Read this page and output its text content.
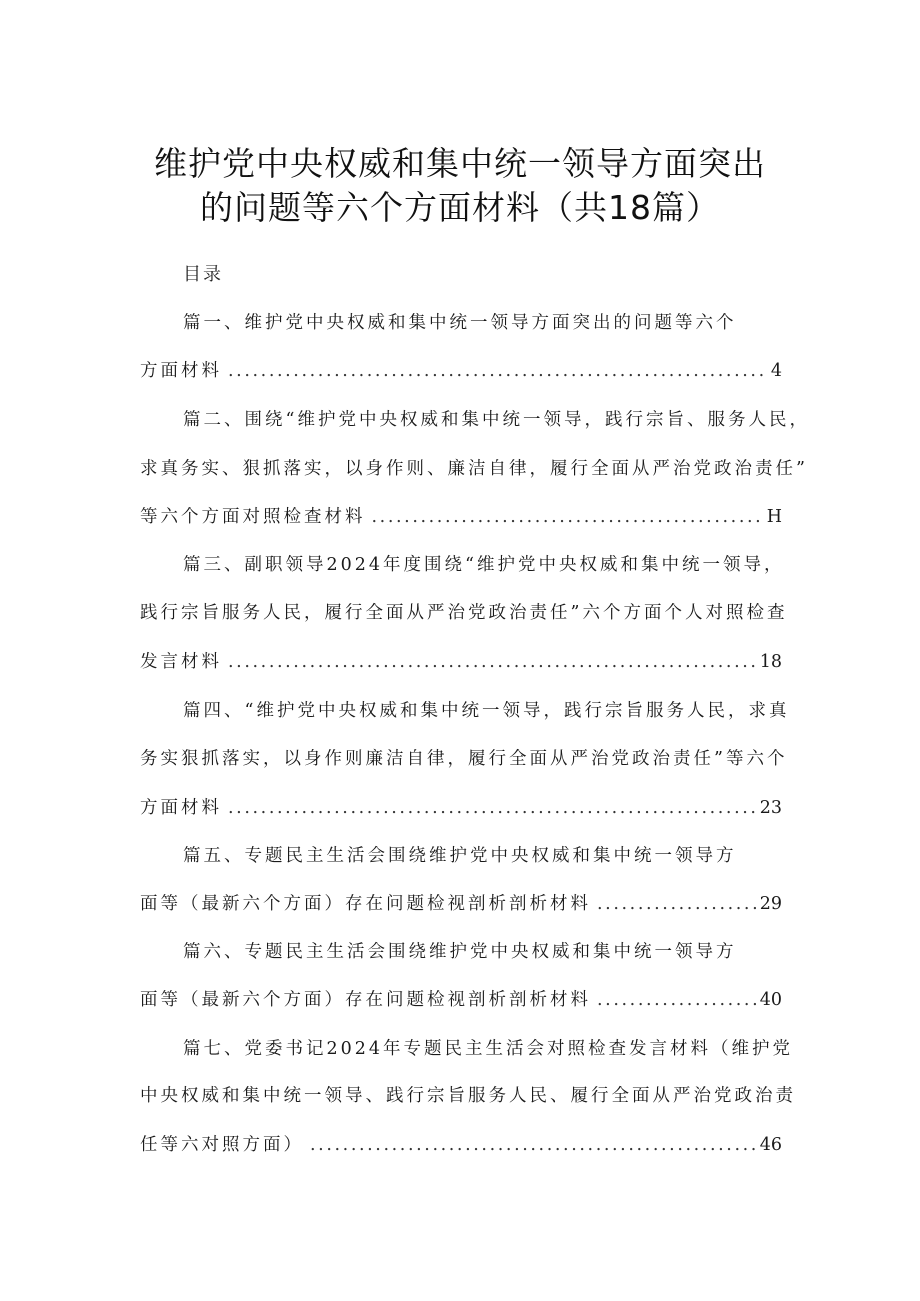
维护党中央权威和集中统一领导方面突出
的问题等六个方面材料（共18篇）
目录
篇一、维护党中央权威和集中统一领导方面突出的问题等六个
方面材料 .....	4
篇二、围绕“维护党中央权威和集中统一领导，践行宗旨、服务人民，
求真务实、狠抓落实，以身作则、廉洁自律，履行全面从严治党政治责任”
等六个方面对照检查材料 .....	H
篇三、副职领导2024年度围绕“维护党中央权威和集中统一领导，
践行宗旨服务人民，履行全面从严治党政治责任”六个方面个人对照检查
发言材料 .....	18
篇四、“维护党中央权威和集中统一领导，践行宗旨服务人民，求真
务实狠抓落实，以身作则廉洁自律，履行全面从严治党政治责任”等六个
方面材料 .....	23
篇五、专题民主生活会围绕维护党中央权威和集中统一领导方
面等（最新六个方面）存在问题检视剖析剖析材料 .....	29
篇六、专题民主生活会围绕维护党中央权威和集中统一领导方
面等（最新六个方面）存在问题检视剖析剖析材料 .....	40
篇七、党委书记2024年专题民主生活会对照检查发言材料（维护党
中央权威和集中统一领导、践行宗旨服务人民、履行全面从严治党政治责
任等六对照方面） .....	46
